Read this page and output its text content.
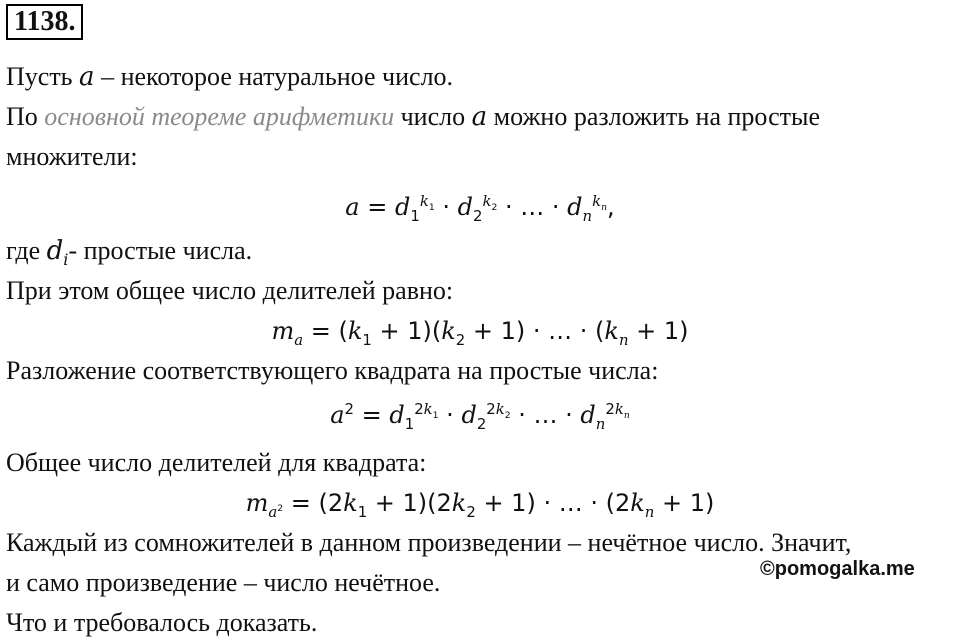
1138.
Пусть a – некоторое натуральное число.
По основной теореме арифметики число a можно разложить на простые
множители:
$a = d_1^{k_1} \cdot d_2^{k_2}$ · … · $d_n^{k_n}$,
где $d_i-$ простые числа.
При этом общее число делителей равно:
$m_a = (k_1 + 1)(k_2 + 1)$ · … · $(k_n + 1)$
Разложение соответствующего квадрата на простые числа:
$a^2 = d_1^{2k_1} \cdot d_2^{2k_2}$ · … · $d_n^{2k_n}$
Общее число делителей для квадрата:
$m_{a^2} = (2k_1 + 1)(2k_2 + 1)$ · … · $(2k_n + 1)$
Каждый из сомножителей в данном произведении – нечётное число. Значит,
и само произведение – число нечётное.	©pomogalka.me
Что и требовалось доказать.
